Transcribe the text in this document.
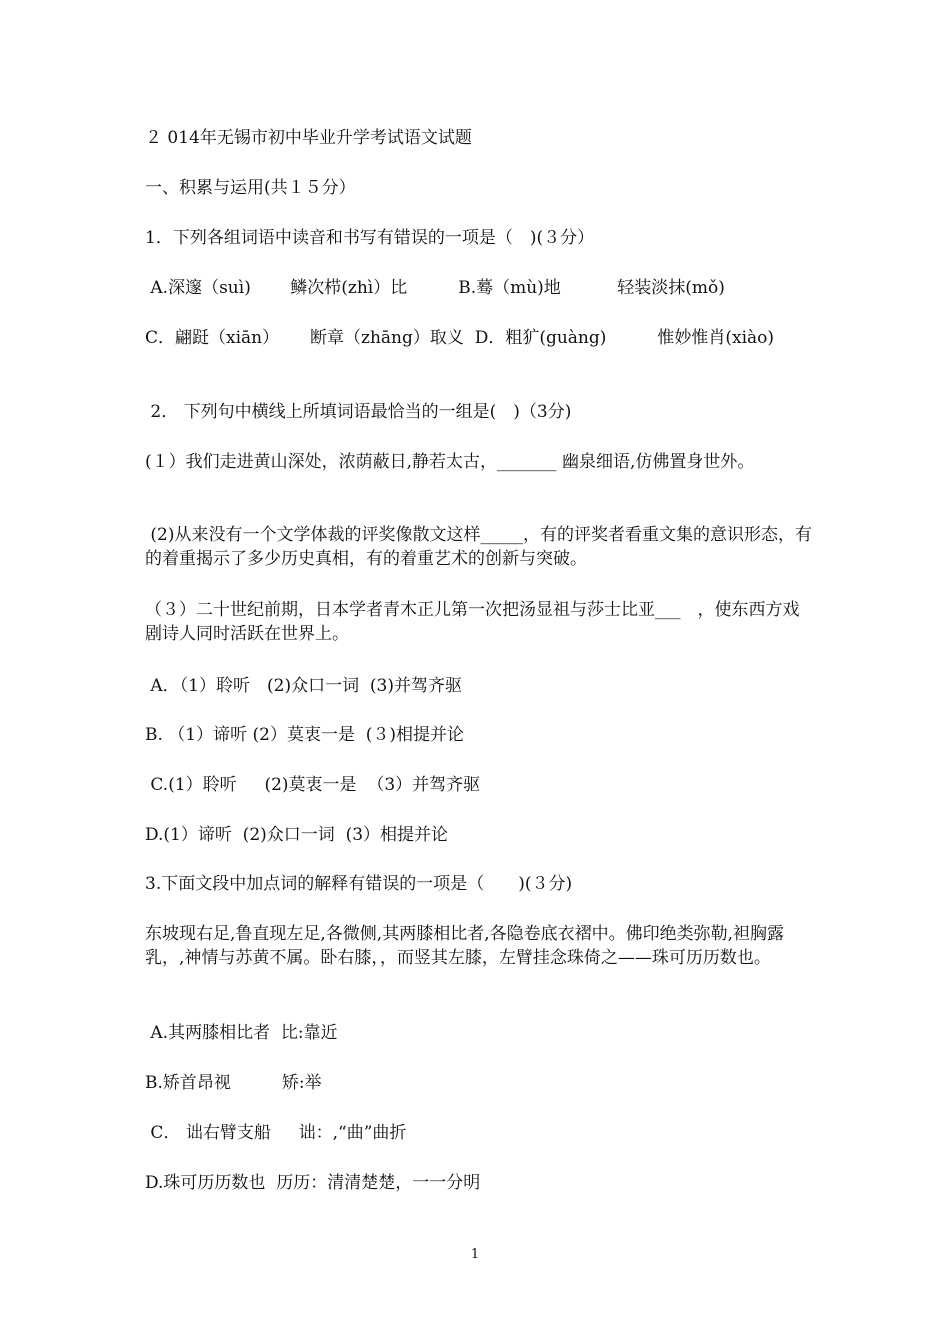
２ 014年无锡市初中毕业升学考试语文试题
一、积累与运用(共１５分）
1．下列各组词语中读音和书写有错误的一项是（　)(３分）
A.深邃（suì)　　 鳞次栉(zhì）比　　　B.蓦（mù)地　　　 轻装淡抹(mǒ)
C．翩跹（xiān）　　 断章（zhāng）取义  D．粗犷(guàng)　　　惟妙惟肖(xiào)
2． 下列句中横线上所填词语最恰当的一组是(　)（3分)
(１）我们走进黄山深处，浓荫蔽日,静若太古，_______ 幽泉细语,仿佛置身世外。
(2)从来没有一个文学体裁的评奖像散文这样_____，有的评奖者看重文集的意识形态，有的着重揭示了多少历史真相，有的着重艺术的创新与突破。
（３）二十世纪前期，日本学者青木正儿第一次把汤显祖与莎士比亚___　，使东西方戏剧诗人同时活跃在世界上。
A．（1）聆听　(2)众口一词  (3)并驾齐驱
B. （1）谛听 (2）莫衷一是  (３)相提并论
C.(1）聆听　  (2)莫衷一是  （3）并驾齐驱
D.(1）谛听  (2)众口一词  (3）相提并论
3.下面文段中加点词的解释有错误的一项是（　　)(３分)
东坡现右足,鲁直现左足,各微侧,其两膝相比者,各隐卷底衣褶中。佛印绝类弥勒,袒胸露乳，,神情与苏黄不属。卧右膝，，而竖其左膝，左臂挂念珠倚之——珠可历历数也。
A.其两膝相比者  比:靠近
B.矫首昂视　　　矫:举
C． 诎右臂支船　  诎：,“曲”曲折
D.珠可历历数也  历历：清清楚楚，一一分明
1
